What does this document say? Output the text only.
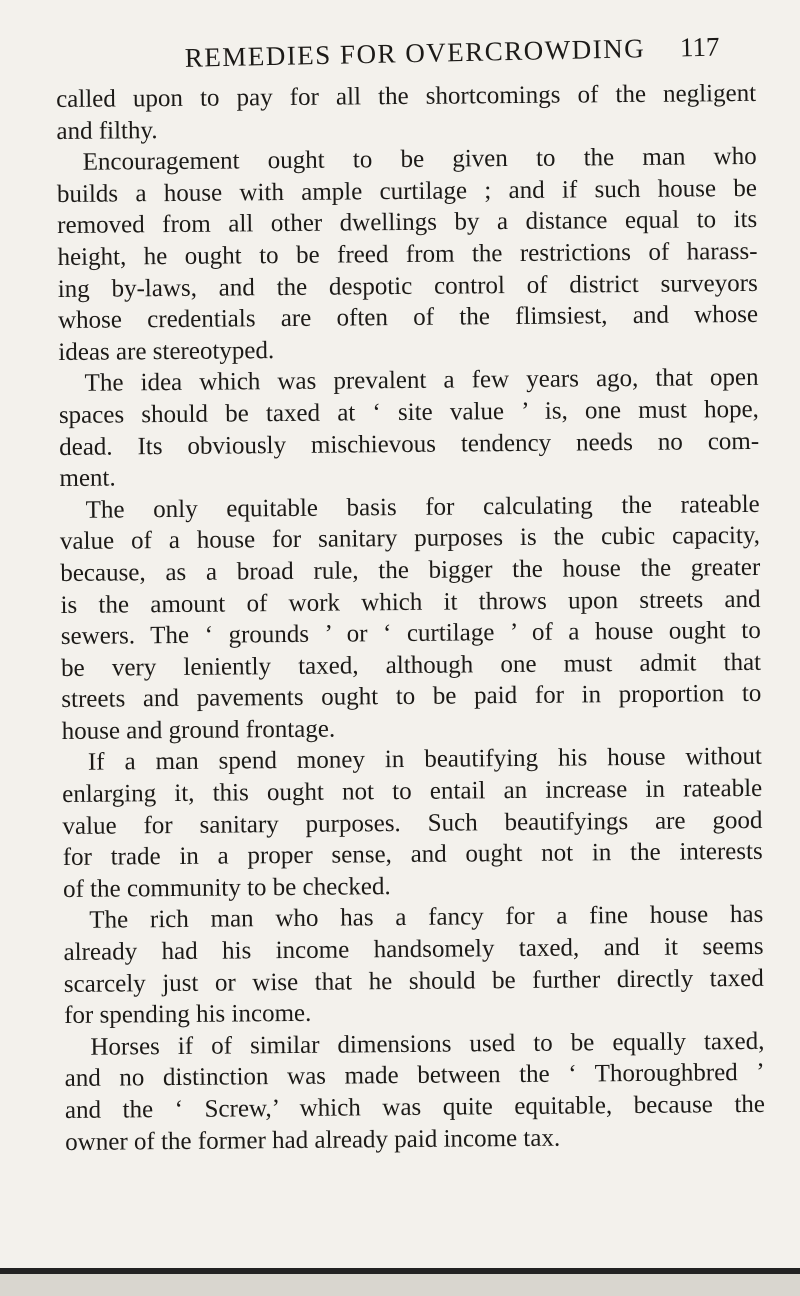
REMEDIES FOR OVERCROWDING	117
called upon to pay for all the shortcomings of the negligent
and filthy.
Encouragement ought to be given to the man who
builds a house with ample curtilage ; and if such house be
removed from all other dwellings by a distance equal to its
height, he ought to be freed from the restrictions of harass-
ing by-laws, and the despotic control of district surveyors
whose credentials are often of the flimsiest, and whose
ideas are stereotyped.
The idea which was prevalent a few years ago, that open
spaces should be taxed at ‘ site value ’ is, one must hope,
dead. Its obviously mischievous tendency needs no com-
ment.
The only equitable basis for calculating the rateable
value of a house for sanitary purposes is the cubic capacity,
because, as a broad rule, the bigger the house the greater
is the amount of work which it throws upon streets and
sewers. The ‘ grounds ’ or ‘ curtilage ’ of a house ought to
be very leniently taxed, although one must admit that
streets and pavements ought to be paid for in proportion to
house and ground frontage.
If a man spend money in beautifying his house without
enlarging it, this ought not to entail an increase in rateable
value for sanitary purposes. Such beautifyings are good
for trade in a proper sense, and ought not in the interests
of the community to be checked.
The rich man who has a fancy for a fine house has
already had his income handsomely taxed, and it seems
scarcely just or wise that he should be further directly taxed
for spending his income.
Horses if of similar dimensions used to be equally taxed,
and no distinction was made between the ‘ Thoroughbred ’
and the ‘ Screw,’ which was quite equitable, because the
owner of the former had already paid income tax.
